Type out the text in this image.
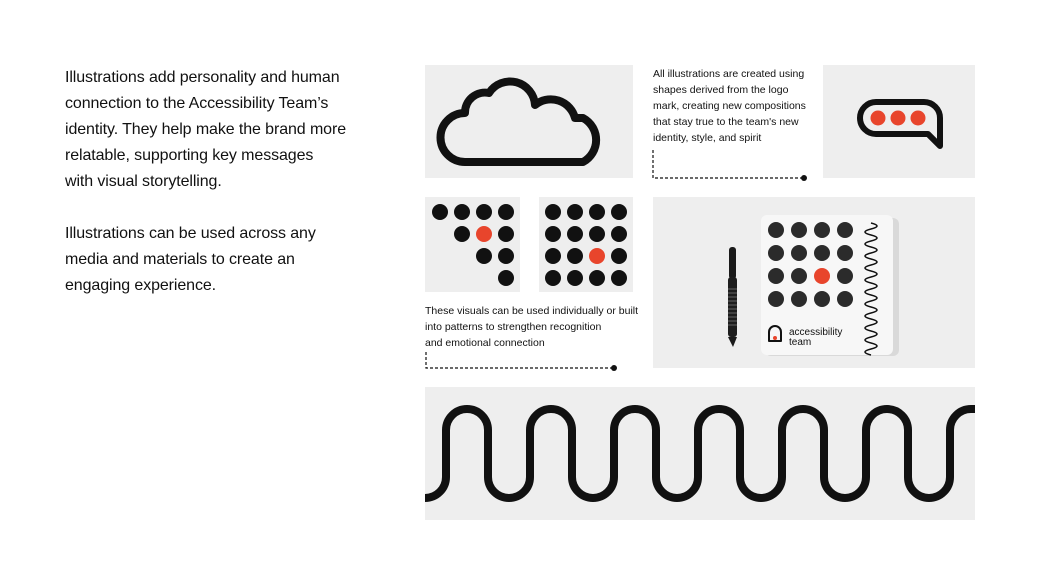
Illustrations add personality and human

connection to the Accessibility Team’s

identity. They help make the brand more

relatable, supporting key messages

with visual storytelling.

Illustrations can be used across any

media and materials to create an

engaging experience.

All illustrations are created using

shapes derived from the logo

mark, creating new compositions

that stay true to the team's new

identity, style, and spirit

These visuals can be used individually or built

into patterns to strengthen recognition

and emotional connection

accessibility
team
